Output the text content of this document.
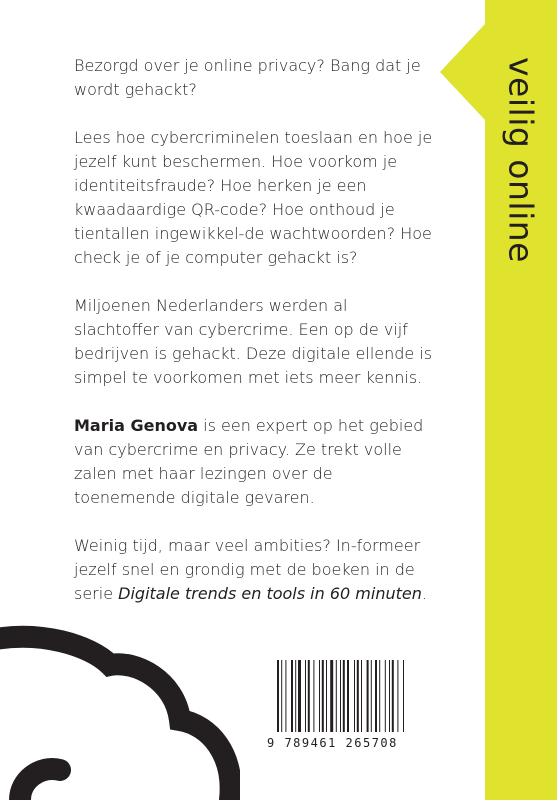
veilig online

Bezorgd over je online privacy? Bang dat je wordt gehackt?

Lees hoe cybercriminelen toeslaan en hoe je jezelf kunt beschermen. Hoe voorkom je identiteitsfraude? Hoe herken je een kwaadaardige QR-code? Hoe onthoud je tientallen ingewikkel-de wachtwoorden? Hoe check je of je computer gehackt is?

Miljoenen Nederlanders werden al slachtoffer van cybercrime. Een op de vijf bedrijven is gehackt. Deze digitale ellende is simpel te voorkomen met iets meer kennis.

Maria Genova is een expert op het gebied van cybercrime en privacy. Ze trekt volle zalen met haar lezingen over de toenemende digitale gevaren.

Weinig tijd, maar veel ambities? In-formeer jezelf snel en grondig met de boeken in de serie Digitale trends en tools in 60 minuten.

9 789461 265708
